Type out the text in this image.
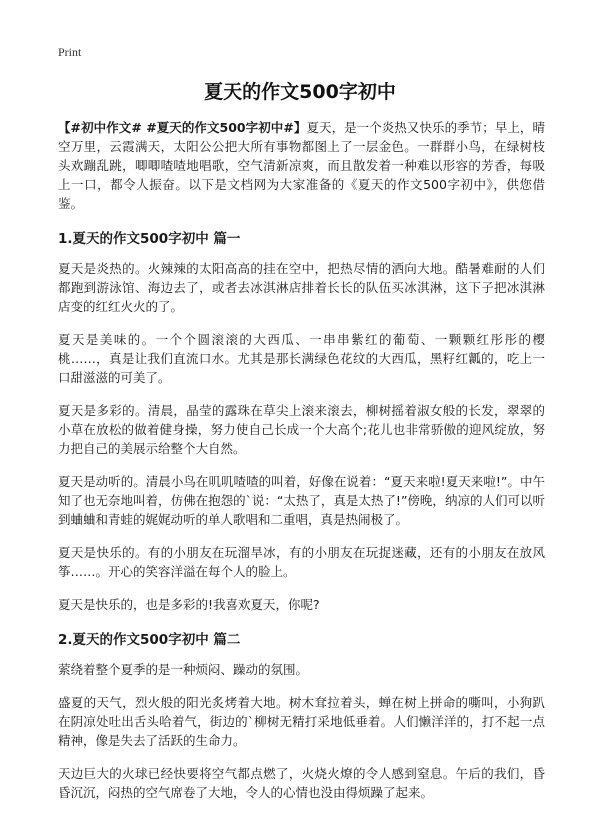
Print
夏天的作文500字初中

【#初中作文# #夏天的作文500字初中#】夏天，是一个炎热又快乐的季节；早上，晴空万里，云霞满天，太阳公公把大所有事物都图上了一层金色。一群群小鸟，在绿树枝头欢蹦乱跳，唧唧喳喳地唱歌，空气清新凉爽，而且散发着一种难以形容的芳香，每吸上一口，都令人振奋。以下是文档网为大家准备的《夏天的作文500字初中》，供您借鉴。

1.夏天的作文500字初中 篇一

夏天是炎热的。火辣辣的太阳高高的挂在空中，把热尽情的洒向大地。酷暑难耐的人们都跑到游泳馆、海边去了，或者去冰淇淋店排着长长的队伍买冰淇淋，这下子把冰淇淋店变的红红火火的了。

夏天是美味的。一个个圆滚滚的大西瓜、一串串紫红的葡萄、一颗颗红彤彤的樱桃……，真是让我们直流口水。尤其是那长满绿色花纹的大西瓜，黑籽红瓤的，吃上一口甜滋滋的可美了。

夏天是多彩的。清晨，晶莹的露珠在草尖上滚来滚去，柳树摇着淑女般的长发，翠翠的小草在放松的做着健身操，努力使自己长成一个大高个;花儿也非常骄傲的迎风绽放，努力把自己的美展示给整个大自然。

夏天是动听的。清晨小鸟在叽叽喳喳的叫着，好像在说着：“夏天来啦!夏天来啦!”。中午知了也无奈地叫着，仿佛在抱怨的`说：“太热了，真是太热了!”傍晚，纳凉的人们可以听到蛐蛐和青蛙的娓娓动听的单人歌唱和二重唱，真是热闹极了。

夏天是快乐的。有的小朋友在玩溜旱冰，有的小朋友在玩捉迷藏，还有的小朋友在放风筝……。开心的笑容洋溢在每个人的脸上。

夏天是快乐的，也是多彩的!我喜欢夏天，你呢?

2.夏天的作文500字初中 篇二

萦绕着整个夏季的是一种烦闷、躁动的氛围。

盛夏的天气，烈火般的阳光炙烤着大地。树木耷拉着头，蝉在树上拼命的嘶叫，小狗趴在阴凉处吐出舌头哈着气，街边的`柳树无精打采地低垂着。人们懒洋洋的，打不起一点精神，像是失去了活跃的生命力。

天边巨大的火球已经快要将空气都点燃了，火烧火燎的令人感到窒息。午后的我们，昏昏沉沉，闷热的空气席卷了大地，令人的心情也没由得烦躁了起来。
